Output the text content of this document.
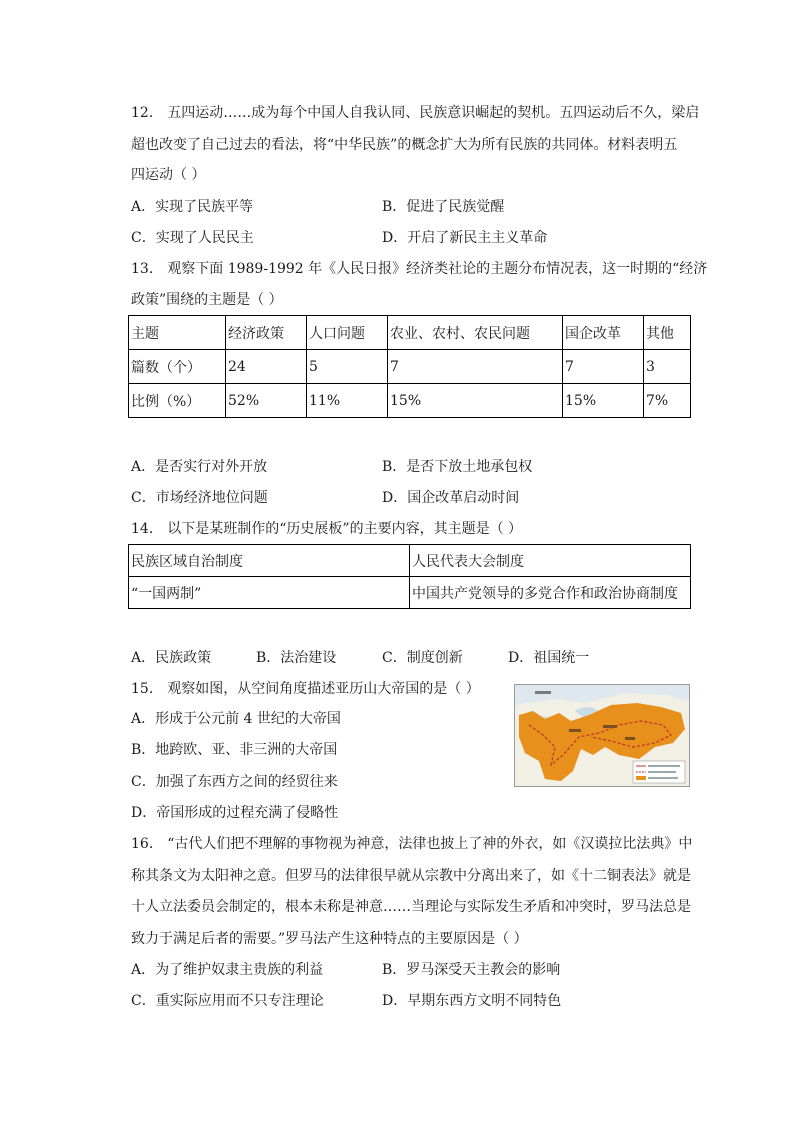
12． 五四运动……成为每个中国人自我认同、民族意识崛起的契机。五四运动后不久，梁启
超也改变了自己过去的看法，将“中华民族”的概念扩大为所有民族的共同体。材料表明五
四运动（ ）
A．实现了民族平等	B．促进了民族觉醒
C．实现了人民民主	D．开启了新民主主义革命
13． 观察下面 1989-1992 年《人民日报》经济类社论的主题分布情况表，这一时期的“经济
政策”围绕的主题是（ ）
主题	经济政策	人口问题	农业、农村、农民问题	国企改革	其他
篇数（个）	24	5	7	7	3
比例（%）	52%	11%	15%	15%	7%
A．是否实行对外开放	B．是否下放土地承包权
C．市场经济地位问题	D．国企改革启动时间
14． 以下是某班制作的“历史展板”的主要内容，其主题是（ ）
民族区域自治制度	人民代表大会制度
“一国两制”	中国共产党领导的多党合作和政治协商制度
A．民族政策	B．法治建设	C．制度创新	D．祖国统一
15． 观察如图，从空间角度描述亚历山大帝国的是（ ）
A．形成于公元前 4 世纪的大帝国
B．地跨欧、亚、非三洲的大帝国
C．加强了东西方之间的经贸往来
D．帝国形成的过程充满了侵略性
16． “古代人们把不理解的事物视为神意，法律也披上了神的外衣，如《汉谟拉比法典》中
称其条文为太阳神之意。但罗马的法律很早就从宗教中分离出来了，如《十二铜表法》就是
十人立法委员会制定的，根本未称是神意……当理论与实际发生矛盾和冲突时，罗马法总是
致力于满足后者的需要。”罗马法产生这种特点的主要原因是（ ）
A．为了维护奴隶主贵族的利益	B．罗马深受天主教会的影响
C．重实际应用而不只专注理论	D．早期东西方文明不同特色
